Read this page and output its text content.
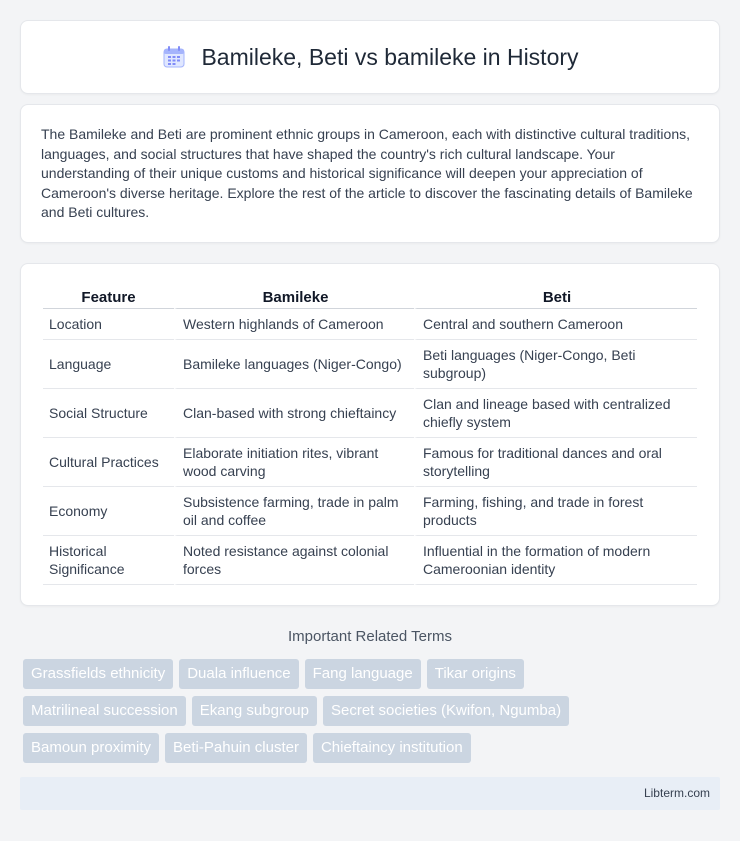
Bamileke, Beti vs bamileke in History

The Bamileke and Beti are prominent ethnic groups in Cameroon, each with distinctive cultural traditions, languages, and social structures that have shaped the country's rich cultural landscape. Your understanding of their unique customs and historical significance will deepen your appreciation of Cameroon's diverse heritage. Explore the rest of the article to discover the fascinating details of Bamileke and Beti cultures.

Feature	Bamileke	Beti
Location	Western highlands of Cameroon	Central and southern Cameroon
Language	Bamileke languages (Niger-Congo)	Beti languages (Niger-Congo, Beti subgroup)
Social Structure	Clan-based with strong chieftaincy	Clan and lineage based with centralized chiefly system
Cultural Practices	Elaborate initiation rites, vibrant wood carving	Famous for traditional dances and oral storytelling
Economy	Subsistence farming, trade in palm oil and coffee	Farming, fishing, and trade in forest products
Historical Significance	Noted resistance against colonial forces	Influential in the formation of modern Cameroonian identity
Important Related Terms
Grassfields ethnicity	Duala influence	Fang language	Tikar origins
Matrilineal succession	Ekang subgroup	Secret societies (Kwifon, Ngumba)
Bamoun proximity	Beti-Pahuin cluster	Chieftaincy institution
Libterm.com
